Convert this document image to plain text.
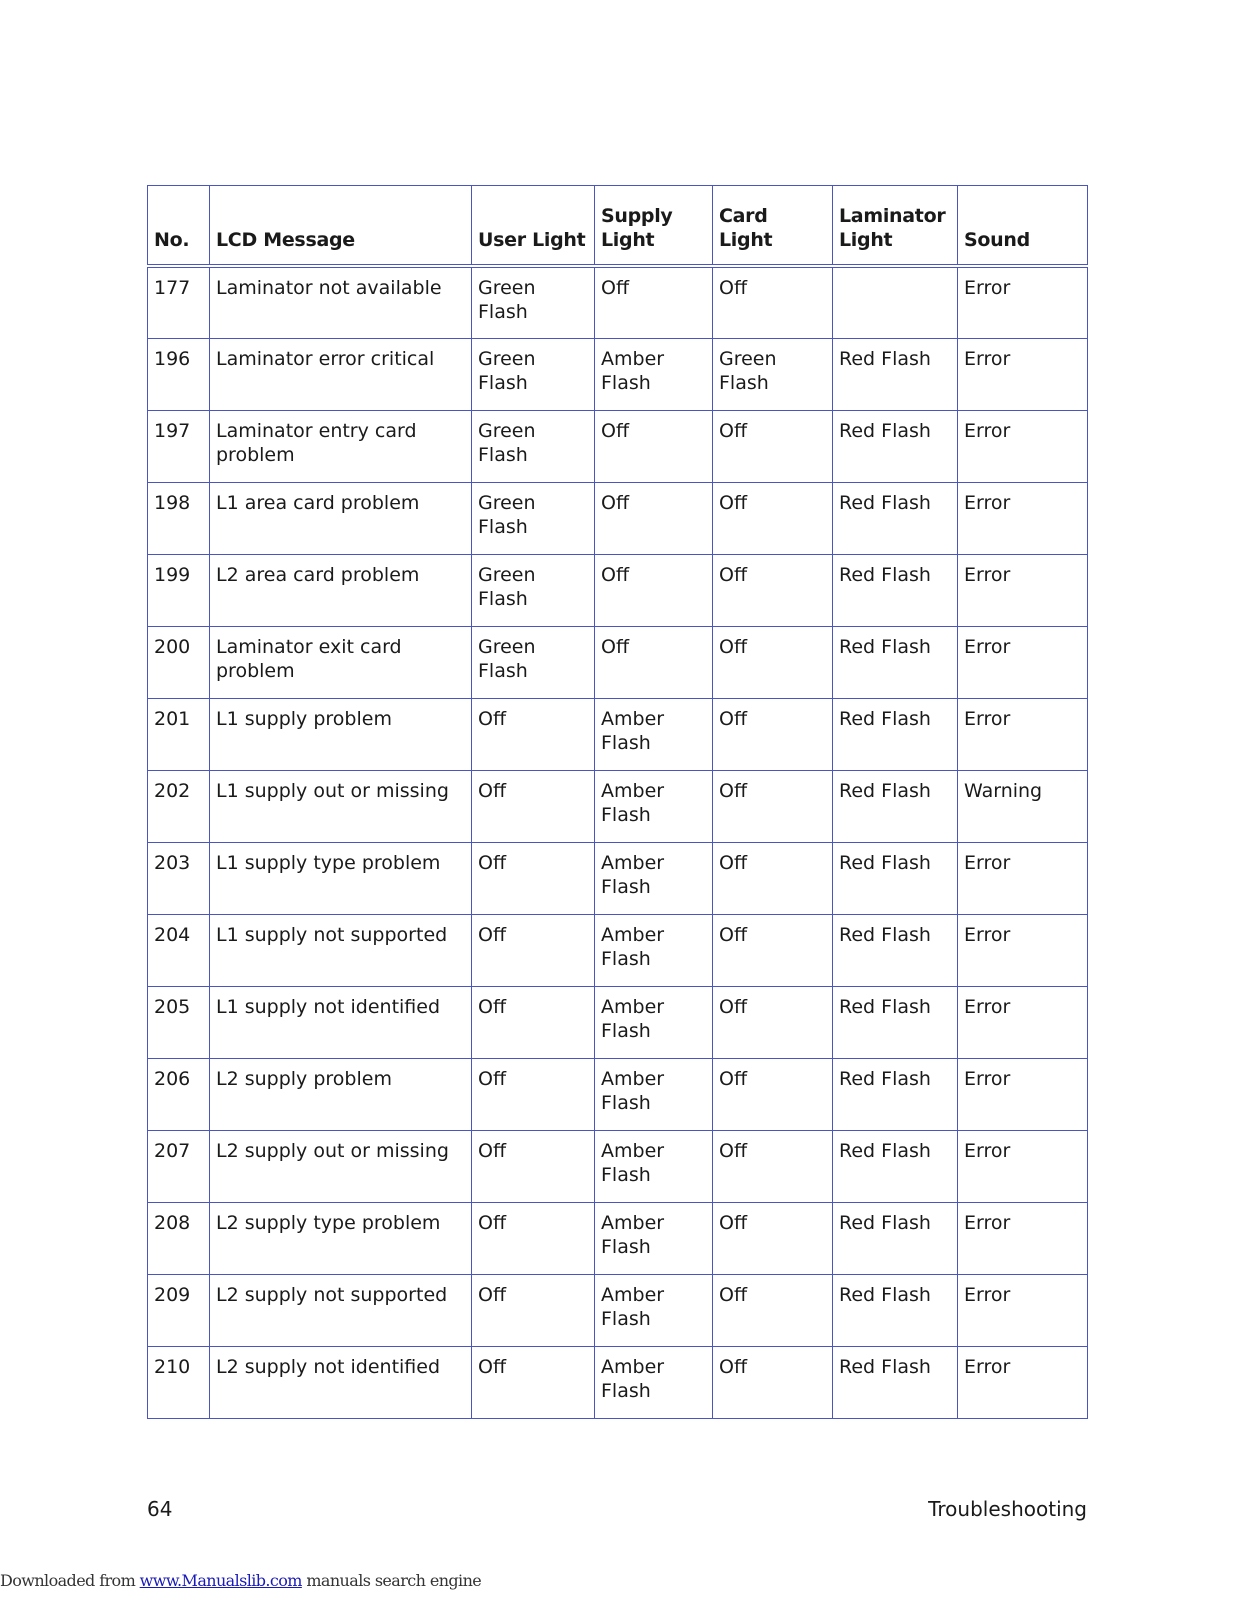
No.	LCD Message	User Light	Supply Light	Card Light	Laminator Light	Sound
177	Laminator not available	Green Flash	Off	Off		Error
196	Laminator error critical	Green Flash	Amber Flash	Green Flash	Red Flash	Error
197	Laminator entry card problem	Green Flash	Off	Off	Red Flash	Error
198	L1 area card problem	Green Flash	Off	Off	Red Flash	Error
199	L2 area card problem	Green Flash	Off	Off	Red Flash	Error
200	Laminator exit card problem	Green Flash	Off	Off	Red Flash	Error
201	L1 supply problem	Off	Amber Flash	Off	Red Flash	Error
202	L1 supply out or missing	Off	Amber Flash	Off	Red Flash	Warning
203	L1 supply type problem	Off	Amber Flash	Off	Red Flash	Error
204	L1 supply not supported	Off	Amber Flash	Off	Red Flash	Error
205	L1 supply not identified	Off	Amber Flash	Off	Red Flash	Error
206	L2 supply problem	Off	Amber Flash	Off	Red Flash	Error
207	L2 supply out or missing	Off	Amber Flash	Off	Red Flash	Error
208	L2 supply type problem	Off	Amber Flash	Off	Red Flash	Error
209	L2 supply not supported	Off	Amber Flash	Off	Red Flash	Error
210	L2 supply not identified	Off	Amber Flash	Off	Red Flash	Error
64	Troubleshooting
Downloaded from www.Manualslib.com manuals search engine
